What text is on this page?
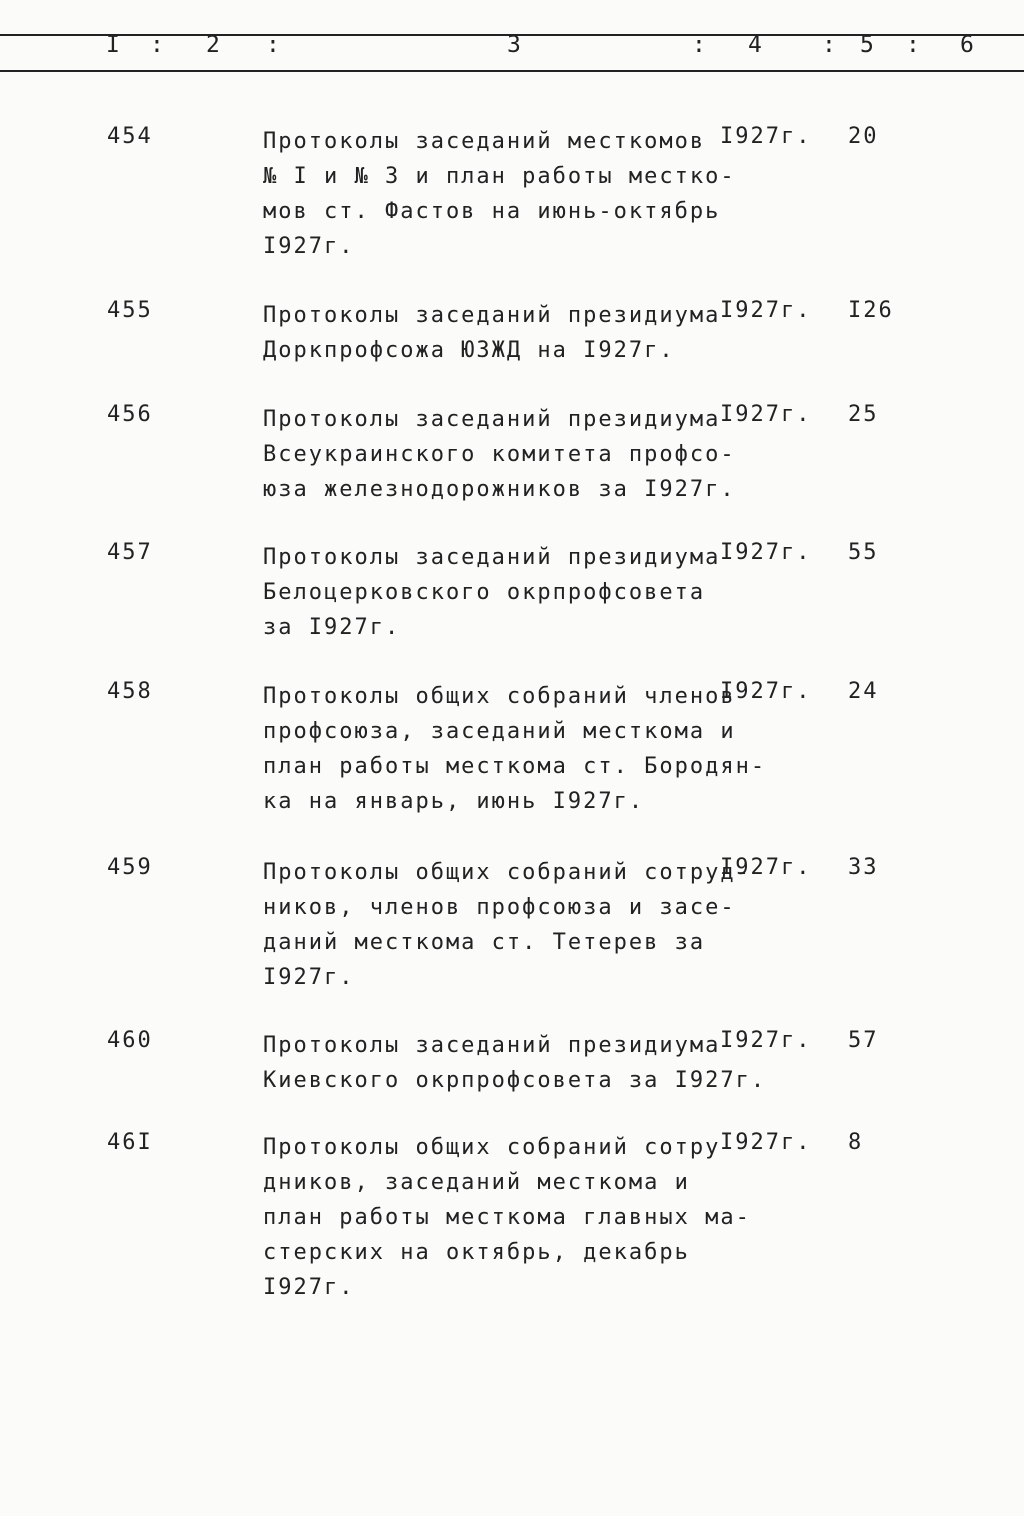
I : 2 :	3	: 4	: 5 : 6
454	Протоколы заседаний месткомов
№ I и № 3 и план работы местко-
мов ст. Фастов на июнь-октябрь
I927г.
I927г. 20
455	Протоколы заседаний президиума
Доркпрофсожа ЮЗЖД на I927г.
I927г. I26
456	Протоколы заседаний президиума
Всеукраинского комитета профсо-
юза железнодорожников за I927г.
I927г. 25
457	Протоколы заседаний президиума
Белоцерковского окрпрофсовета
за I927г.
I927г. 55
458	Протоколы общих собраний членов
профсоюза, заседаний месткома и
план работы месткома ст. Бородян-
ка на январь, июнь I927г.
I927г. 24
459	Протоколы общих собраний сотруд-
ников, членов профсоюза и засе-
даний месткома ст. Тетерев за
I927г.
I927г. 33
460	Протоколы заседаний президиума
Киевского окрпрофсовета за I927г.
I927г. 57
46I	Протоколы общих собраний сотру-
дников, заседаний месткома и
план работы месткома главных ма-
стерских на октябрь, декабрь
I927г.
I927г. 8
